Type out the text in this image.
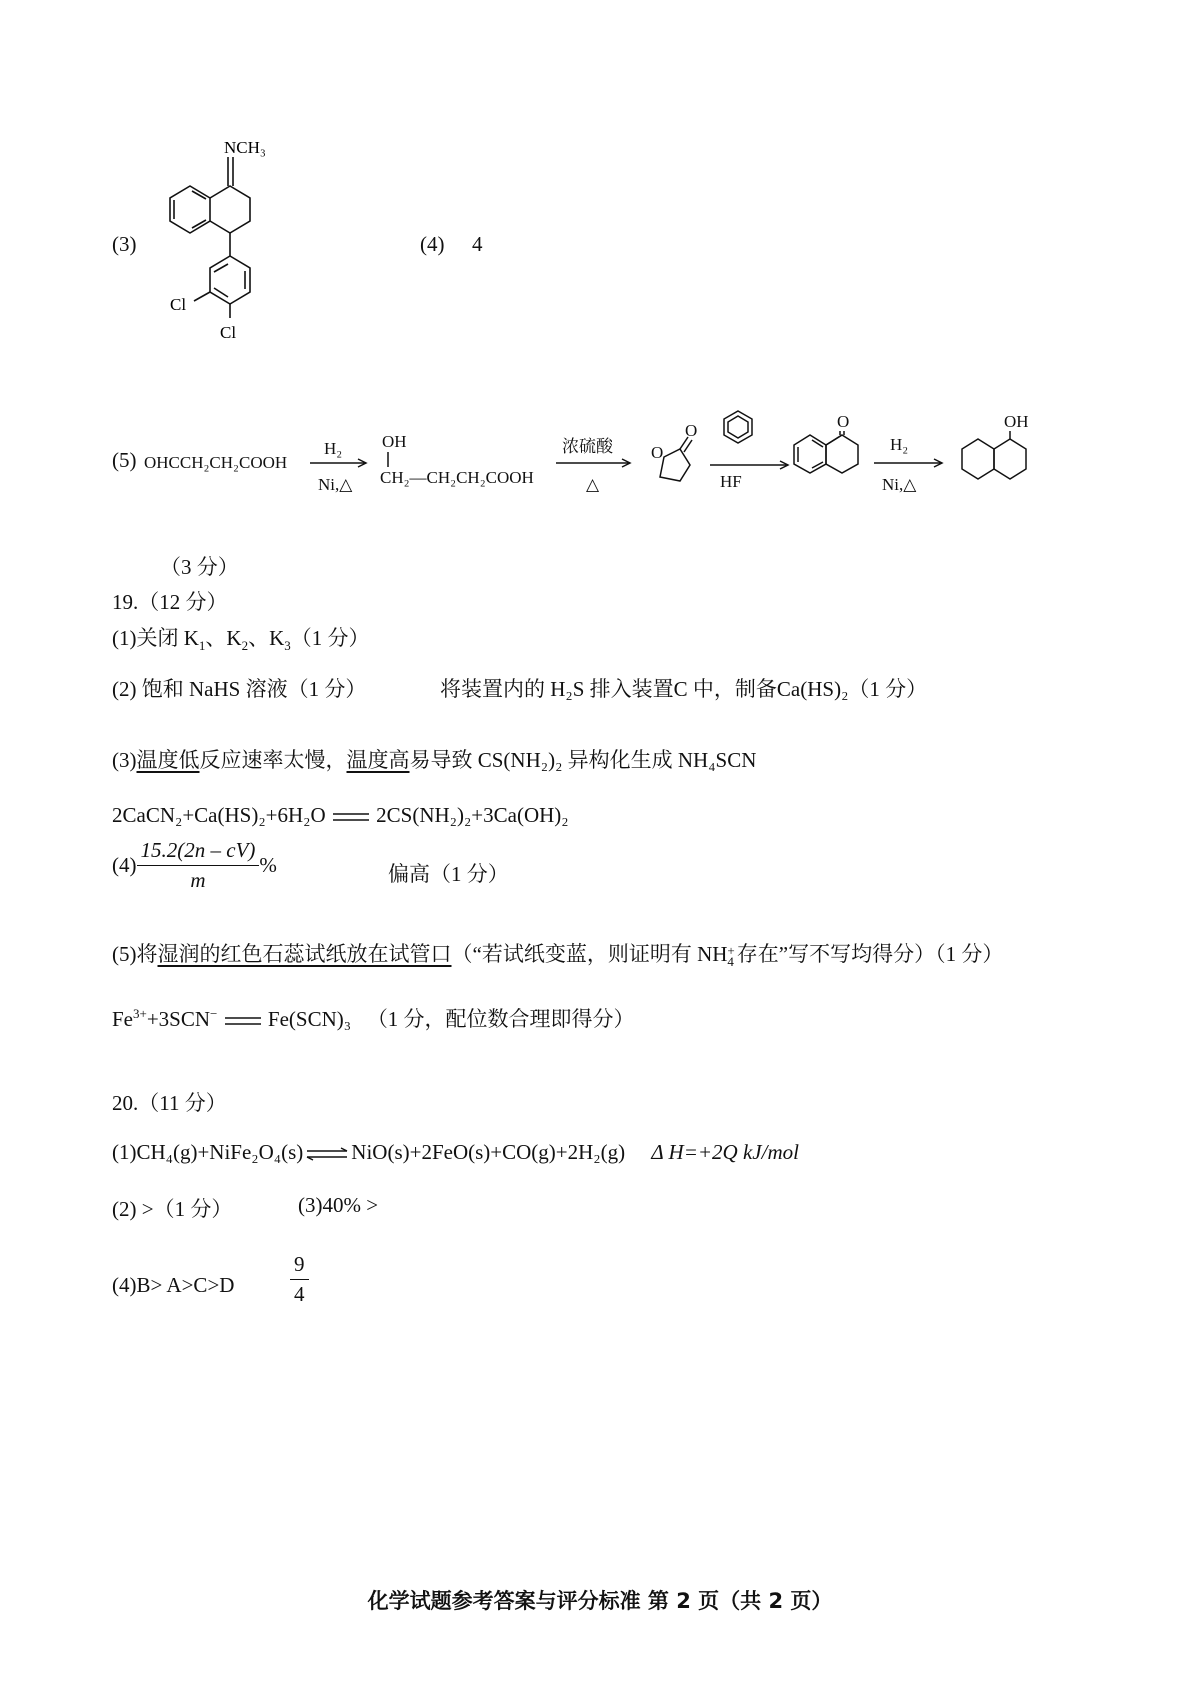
(3)
NCH₃
Cl
Cl
(4) 4
(5) OHCCH₂CH₂COOH
H₂
Ni,△
OH
CH₂—CH₂CH₂COOH
浓硫酸
△
O
O
HF
O
H₂
Ni,△
OH
（3 分）
19.（12 分）
(1)关闭 $K_1$、$K_2$、$K_3(1$ 分）
(2) 饱和 NaHS 溶液（1 分）	将装置内的 H₂S 排入装置C 中，制备Ca(HS)₂（1 分）
(3)温度低反应速率太慢，温度高易导致 CS(NH₂)₂ 异构化生成 NH₄SCN
2CaCN₂+Ca(HS)₂+6H₂O 2CS(NH₂)₂+3Ca(OH)₂
$(4) \frac{15.2(2n - cV)}{m}$ %	偏高（1 分）
(5)将湿润的红色石蕊试纸放在试管口（“若试纸变蓝，则证明有 NH+
4 存在”写不写均得分）（1 分）
$Fe^{3+}+3SCN^-$ Fe(SCN)₃ （1 分，配位数合理即得分）
20.（11 分）
(1)CH₄(g)+NiFe₂O₄(s) ⇌ NiO(s)+2FeO(s)+CO(g)+2H₂(g) Δ H=+2Q kJ/mol
(2) >（1 分）	(3)40% >
(4)B> A>C>D	$\frac{9}{4}$
化学试题参考答案与评分标准 第 2 页（共 2 页）
